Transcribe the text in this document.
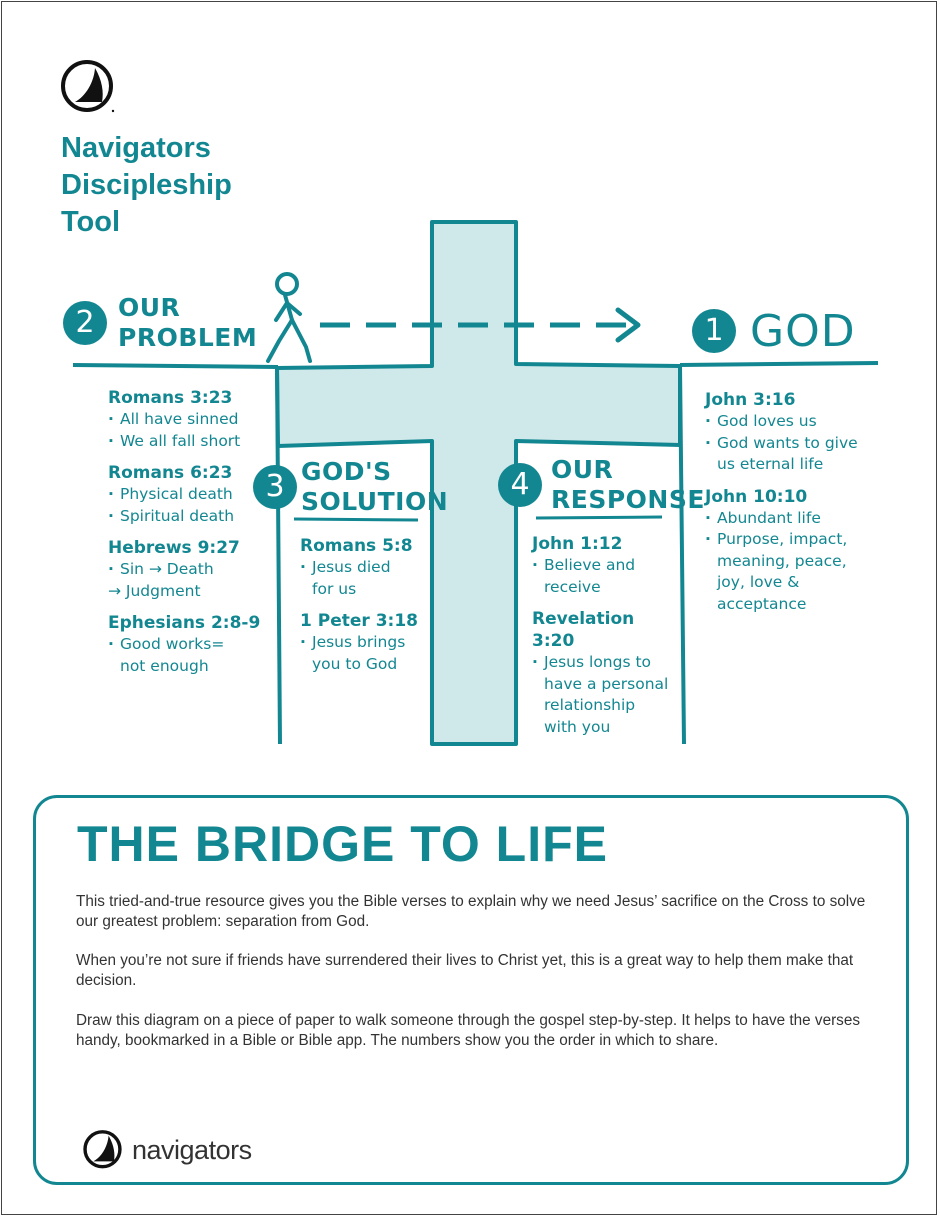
Navigators
Discipleship
Tool
1 GOD
2 OUR
PROBLEM
3 GOD'S
SOLUTION	4 OUR
RESPONSE
Romans 3:23
· All have sinned
· We all fall short
Romans 6:23
· Physical death
· Spiritual death
Hebrews 9:27
· Sin → Death
→ Judgment
Ephesians 2:8-9
· Good works=
not enough
Romans 5:8
· Jesus died
for us
1 Peter 3:18
· Jesus brings
you to God
John 1:12
· Believe and
receive
Revelation 3:20
· Jesus longs to
have a personal
relationship
with you
John 3:16
· God loves us
· God wants to give
us eternal life
John 10:10
· Abundant life
· Purpose, impact,
meaning, peace,
joy, love &
acceptance
THE BRIDGE TO LIFE
This tried-and-true resource gives you the Bible verses to explain why we need Jesus’ sacrifice on the Cross to solve our greatest problem: separation from God.
When you’re not sure if friends have surrendered their lives to Christ yet, this is a great way to help them make that decision.
Draw this diagram on a piece of paper to walk someone through the gospel step-by-step. It helps to have the verses handy, bookmarked in a Bible or Bible app. The numbers show you the order in which to share.
navigators
